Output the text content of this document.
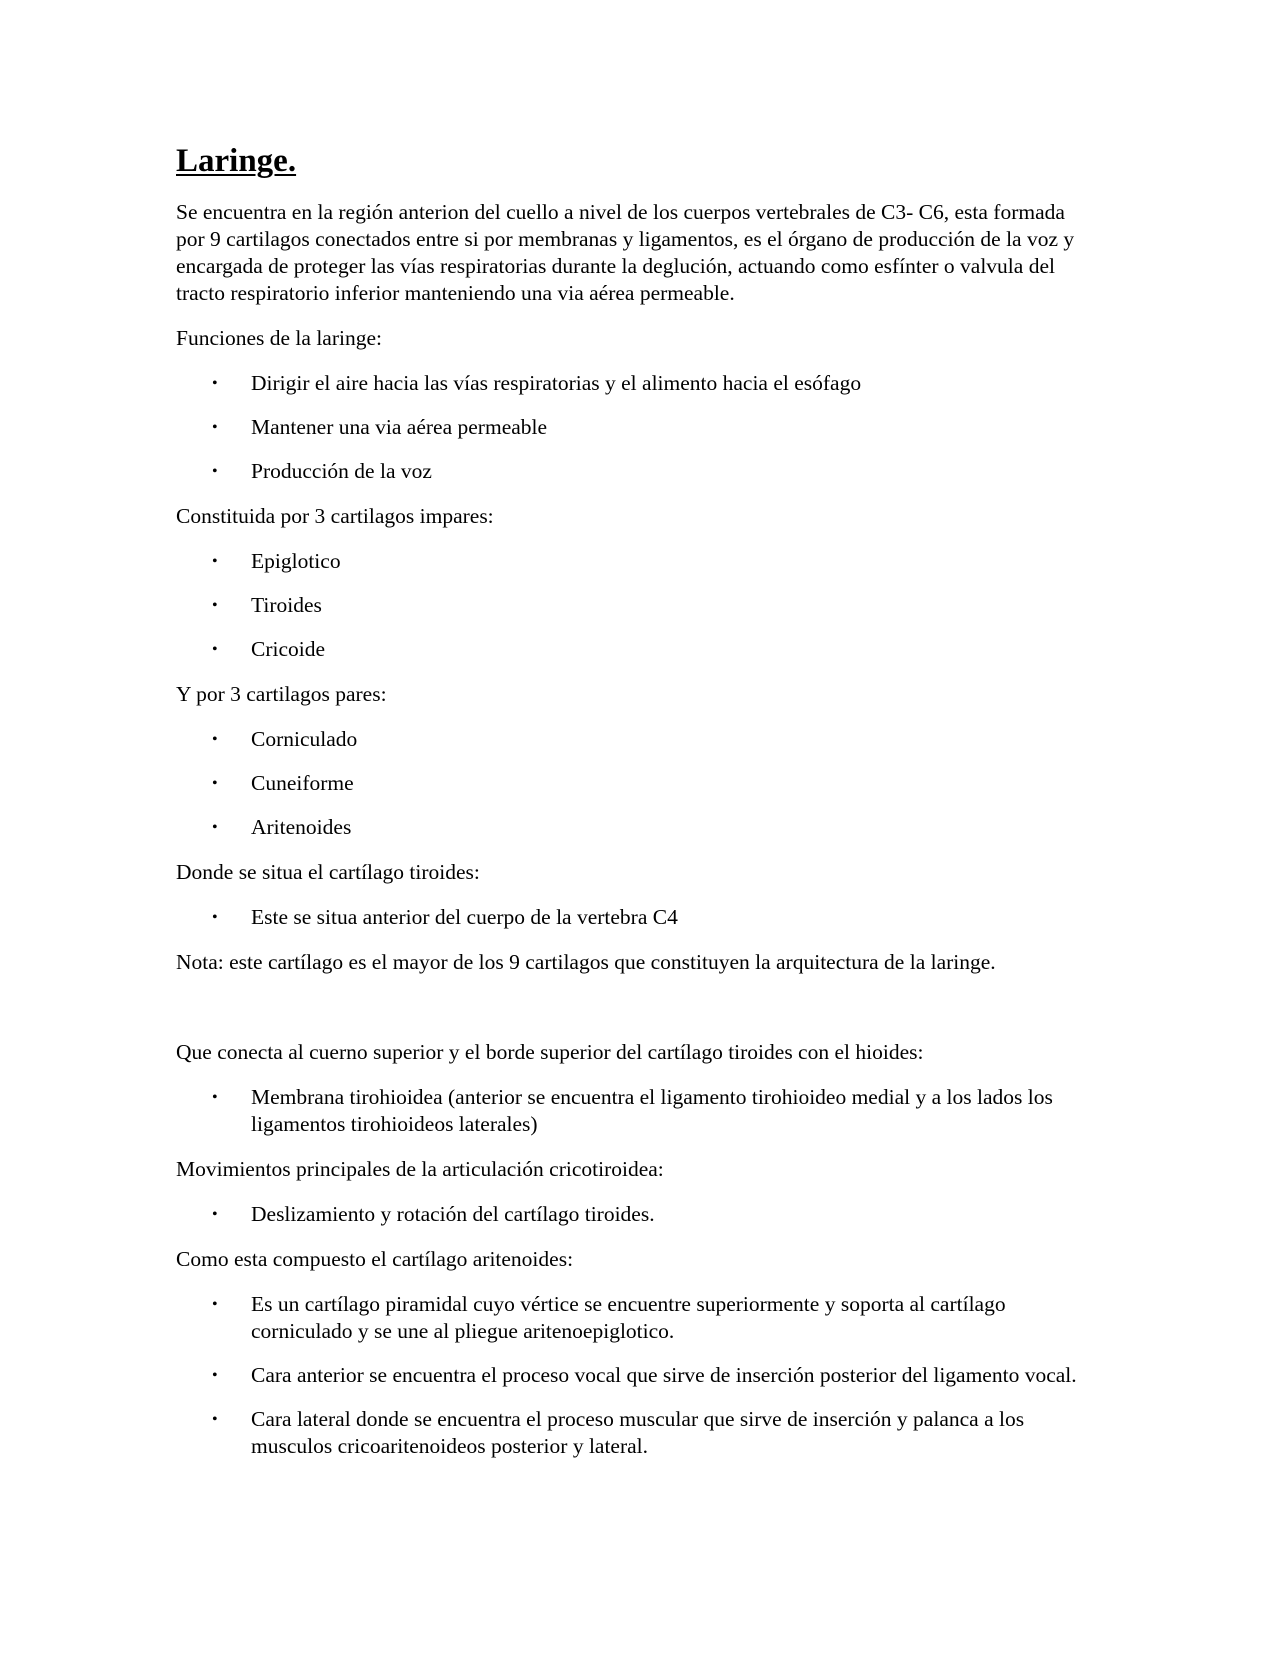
Laringe.

Se encuentra en la región anterion del cuello a nivel de los cuerpos vertebrales de C3- C6, esta formada por 9 cartilagos conectados entre si por membranas y ligamentos, es el órgano de producción de la voz y encargada de proteger las vías respiratorias durante la deglución, actuando como esfínter o valvula del tracto respiratorio inferior manteniendo una via aérea permeable.

Funciones de la laringe:

• Dirigir el aire hacia las vías respiratorias y el alimento hacia el esófago
• Mantener una via aérea permeable
• Producción de la voz

Constituida por 3 cartilagos impares:

• Epiglotico
• Tiroides
• Cricoide

Y por 3 cartilagos pares:

• Corniculado
• Cuneiforme
• Aritenoides

Donde se situa el cartílago tiroides:

• Este se situa anterior del cuerpo de la vertebra C4

Nota: este cartílago es el mayor de los 9 cartilagos que constituyen la arquitectura de la laringe.

Que conecta al cuerno superior y el borde superior del cartílago tiroides con el hioides:

• Membrana tirohioidea (anterior se encuentra el ligamento tirohioideo medial y a los lados los ligamentos tirohioideos laterales)

Movimientos principales de la articulación cricotiroidea:

• Deslizamiento y rotación del cartílago tiroides.

Como esta compuesto el cartílago aritenoides:

• Es un cartílago piramidal cuyo vértice se encuentre superiormente y soporta al cartílago corniculado y se une al pliegue aritenoepiglotico.
• Cara anterior se encuentra el proceso vocal que sirve de inserción posterior del ligamento vocal.
• Cara lateral donde se encuentra el proceso muscular que sirve de inserción y palanca a los musculos cricoaritenoideos posterior y lateral.
